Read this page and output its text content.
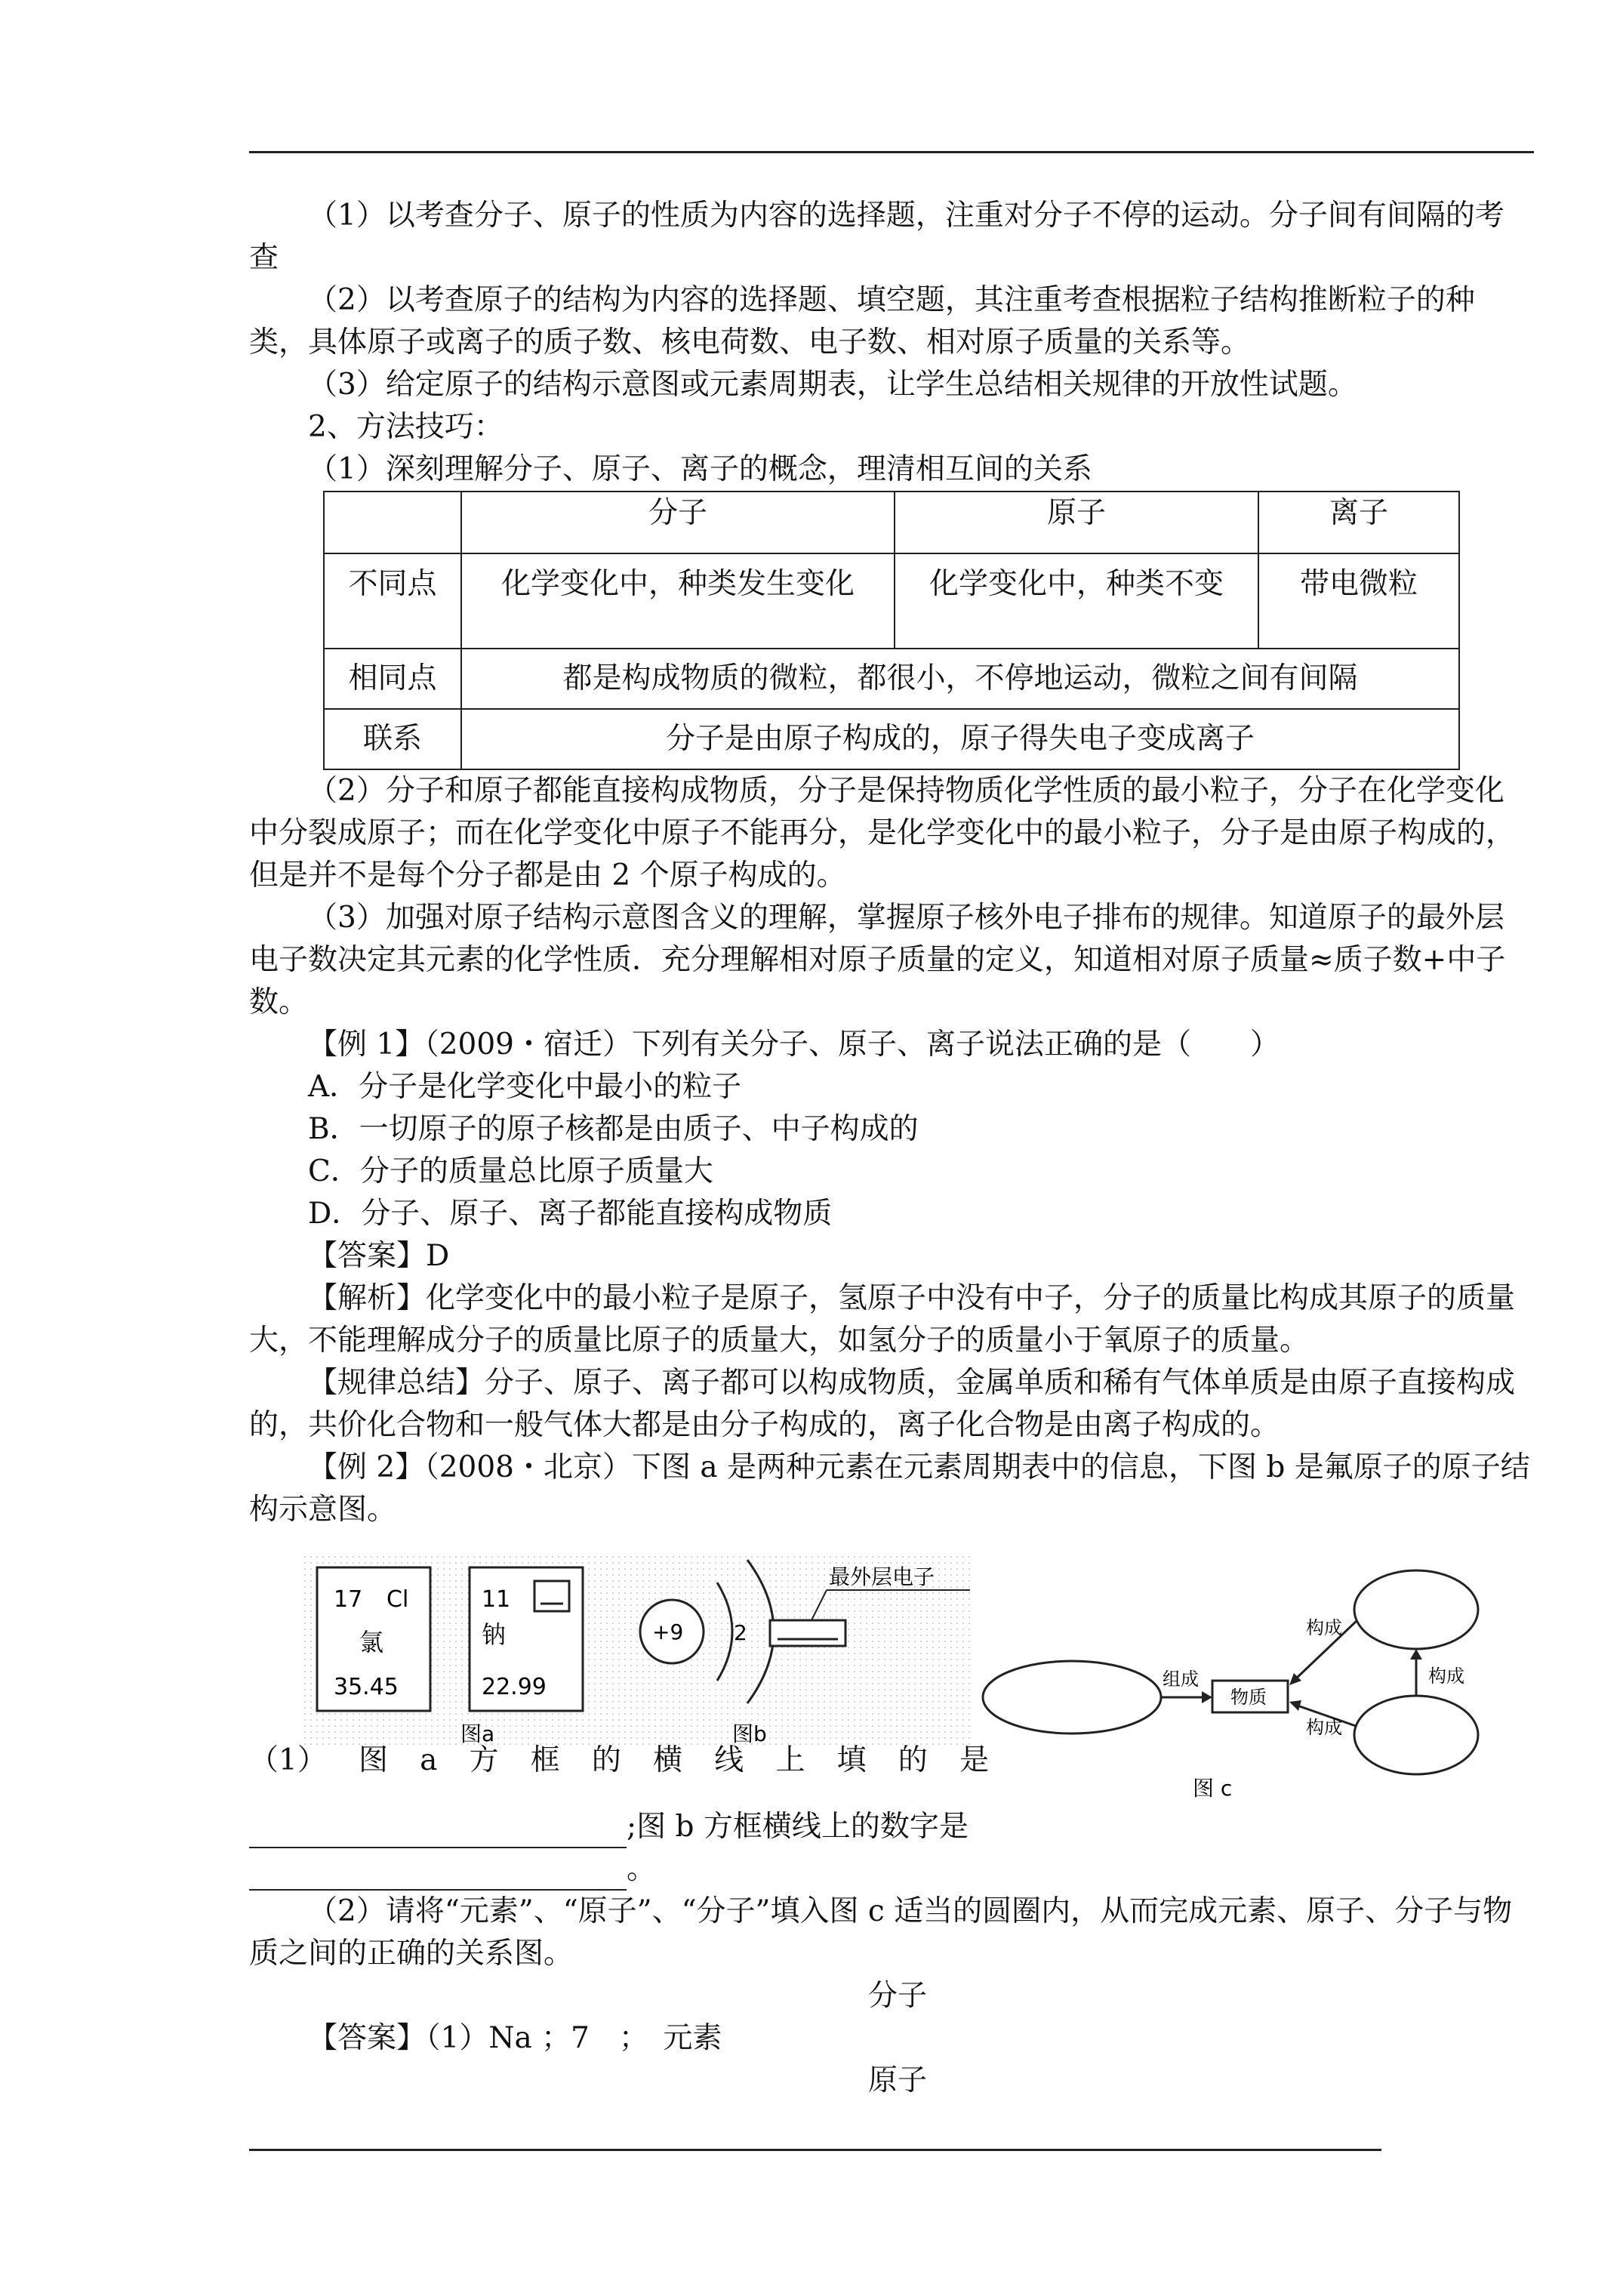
（1）以考查分子、原子的性质为内容的选择题，注重对分子不停的运动。分子间有间隔的考查

（2）以考查原子的结构为内容的选择题、填空题，其注重考查根据粒子结构推断粒子的种类，具体原子或离子的质子数、核电荷数、电子数、相对原子质量的关系等。

（3）给定原子的结构示意图或元素周期表，让学生总结相关规律的开放性试题。

2、方法技巧：

（1）深刻理解分子、原子、离子的概念，理清相互间的关系

	分子	原子	离子
不同点	化学变化中，种类发生变化	化学变化中，种类不变	带电微粒
相同点	都是构成物质的微粒，都很小，不停地运动，微粒之间有间隔		
联系	分子是由原子构成的，原子得失电子变成离子		

（2）分子和原子都能直接构成物质，分子是保持物质化学性质的最小粒子，分子在化学变化中分裂成原子；而在化学变化中原子不能再分，是化学变化中的最小粒子，分子是由原子构成的，但是并不是每个分子都是由 2 个原子构成的。

（3）加强对原子结构示意图含义的理解，掌握原子核外电子排布的规律。知道原子的最外层电子数决定其元素的化学性质．充分理解相对原子质量的定义，知道相对原子质量≈质子数+中子数。

【例 1】（2009・宿迁）下列有关分子、原子、离子说法正确的是（　　）

A．分子是化学变化中最小的粒子

B．一切原子的原子核都是由质子、中子构成的

C．分子的质量总比原子质量大

D．分子、原子、离子都能直接构成物质

【答案】D

【解析】化学变化中的最小粒子是原子，氢原子中没有中子，分子的质量比构成其原子的质量大，不能理解成分子的质量比原子的质量大，如氢分子的质量小于氧原子的质量。

【规律总结】分子、原子、离子都可以构成物质，金属单质和稀有气体单质是由原子直接构成的，共价化合物和一般气体大都是由分子构成的，离子化合物是由离子构成的。

【例 2】（2008・北京）下图 a 是两种元素在元素周期表中的信息，下图 b 是氟原子的原子结构示意图。

17 Cl
氯
35.45
11
钠
22.99
图a
+9 2
最外层电子
图b
物质
组成
构成
构成
构成
图 c
（1） 图 a 方 框 的 横 线 上 填 的 是

;图 b 方框横线上的数字是

。

（2）请将“元素”、“原子”、“分子”填入图 c 适当的圆圈内，从而完成元素、原子、分子与物质之间的正确的关系图。

分子

【答案】（1）Na ；7　；　元素

原子
